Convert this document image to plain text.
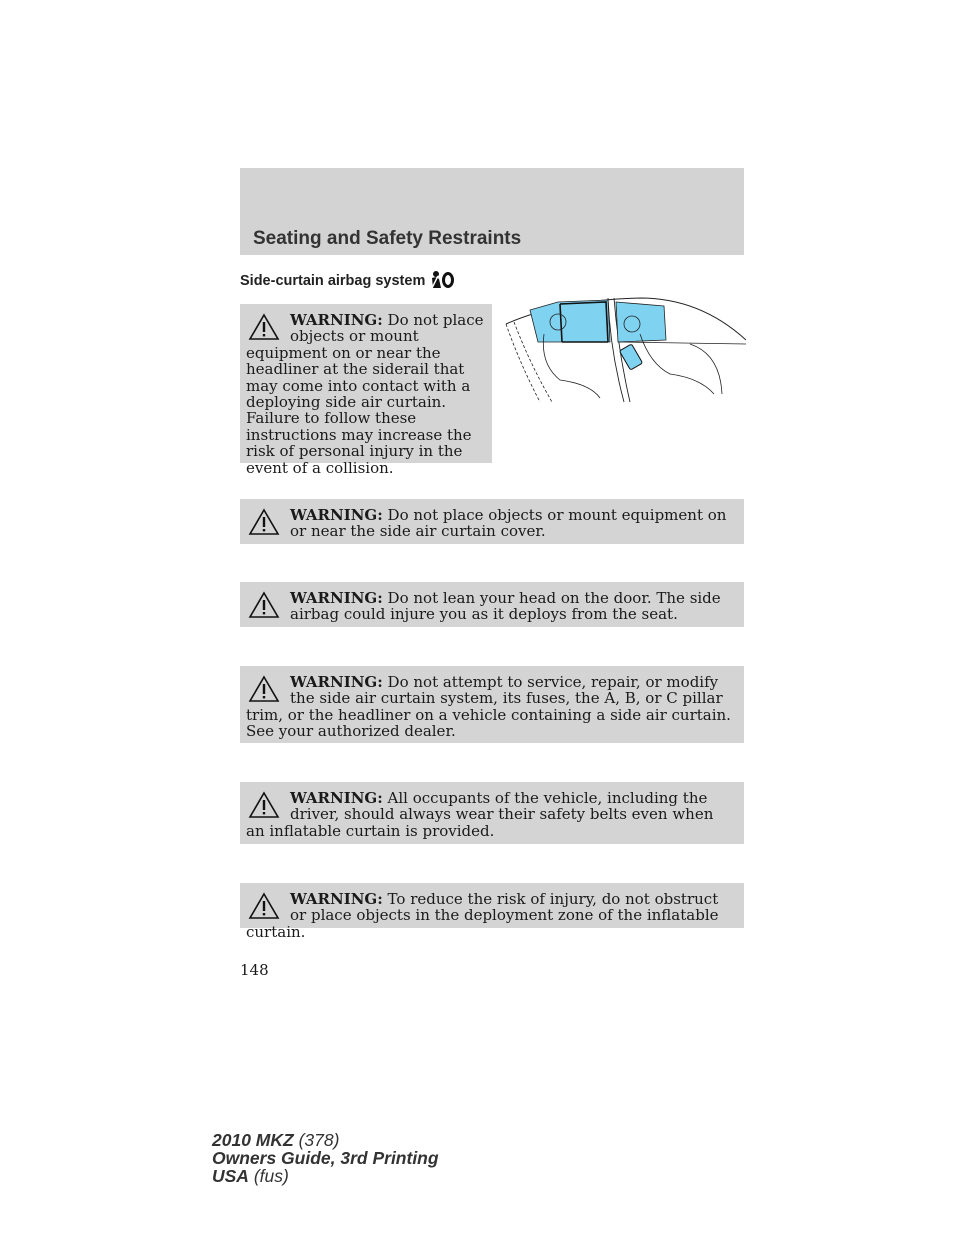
Seating and Safety Restraints
Side-curtain airbag system
WARNING: Do not place objects or mount equipment on or near the headliner at the siderail that may come into contact with a deploying side air curtain. Failure to follow these instructions may increase the risk of personal injury in the event of a collision.
WARNING: Do not place objects or mount equipment on or near the side air curtain cover.
WARNING: Do not lean your head on the door. The side airbag could injure you as it deploys from the seat.
WARNING: Do not attempt to service, repair, or modify the side air curtain system, its fuses, the A, B, or C pillar trim, or the headliner on a vehicle containing a side air curtain. See your authorized dealer.
WARNING: All occupants of the vehicle, including the driver, should always wear their safety belts even when an inflatable curtain is provided.
WARNING: To reduce the risk of injury, do not obstruct or place objects in the deployment zone of the inflatable curtain.
148
2010 MKZ (378)
Owners Guide, 3rd Printing
USA (fus)
